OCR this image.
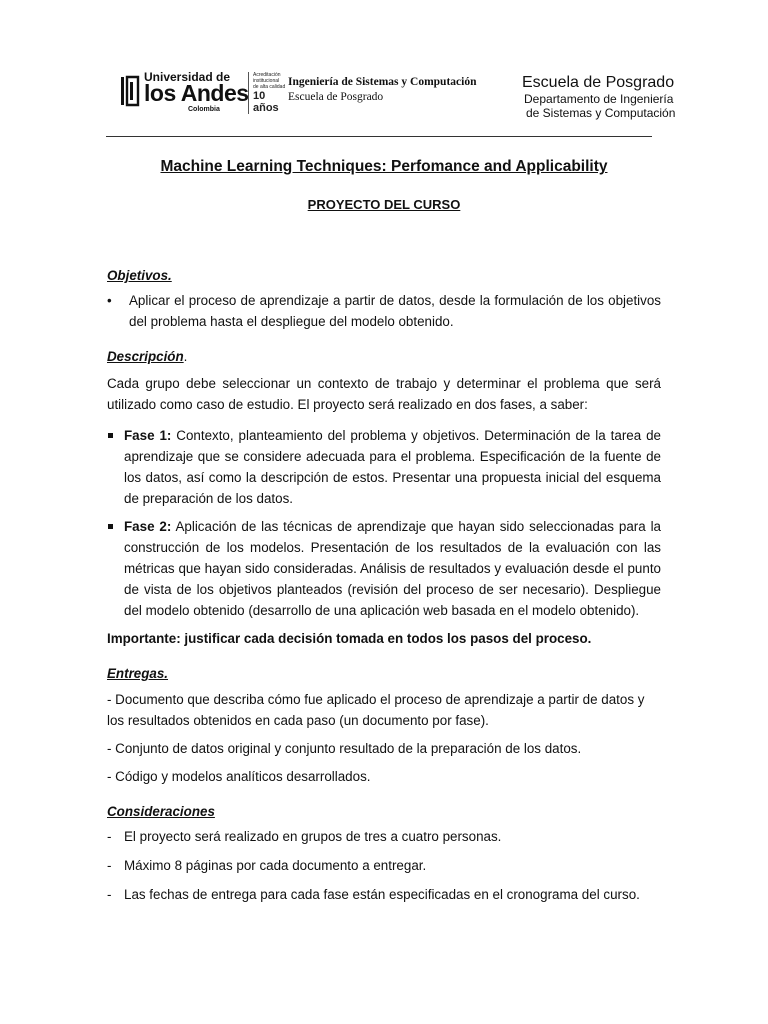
Universidad de
los Andes
Colombia
Acreditación
institucional
de alta calidad
10 años
Ingeniería de Sistemas y Computación
Escuela de Posgrado
Escuela de Posgrado
Departamento de Ingeniería
de Sistemas y Computación
Machine Learning Techniques: Perfomance and Applicability
PROYECTO DEL CURSO
Objetivos.
• Aplicar el proceso de aprendizaje a partir de datos, desde la formulación de los objetivos del problema hasta el despliegue del modelo obtenido.
Descripción.
Cada grupo debe seleccionar un contexto de trabajo y determinar el problema que será utilizado como caso de estudio. El proyecto será realizado en dos fases, a saber:
Fase 1: Contexto, planteamiento del problema y objetivos. Determinación de la tarea de aprendizaje que se considere adecuada para el problema. Especificación de la fuente de los datos, así como la descripción de estos. Presentar una propuesta inicial del esquema de preparación de los datos.
Fase 2: Aplicación de las técnicas de aprendizaje que hayan sido seleccionadas para la construcción de los modelos. Presentación de los resultados de la evaluación con las métricas que hayan sido consideradas. Análisis de resultados y evaluación desde el punto de vista de los objetivos planteados (revisión del proceso de ser necesario). Despliegue del modelo obtenido (desarrollo de una aplicación web basada en el modelo obtenido).
Importante: justificar cada decisión tomada en todos los pasos del proceso.
Entregas.
- Documento que describa cómo fue aplicado el proceso de aprendizaje a partir de datos y los resultados obtenidos en cada paso (un documento por fase).
- Conjunto de datos original y conjunto resultado de la preparación de los datos.
- Código y modelos analíticos desarrollados.
Consideraciones
- El proyecto será realizado en grupos de tres a cuatro personas.
- Máximo 8 páginas por cada documento a entregar.
- Las fechas de entrega para cada fase están especificadas en el cronograma del curso.
